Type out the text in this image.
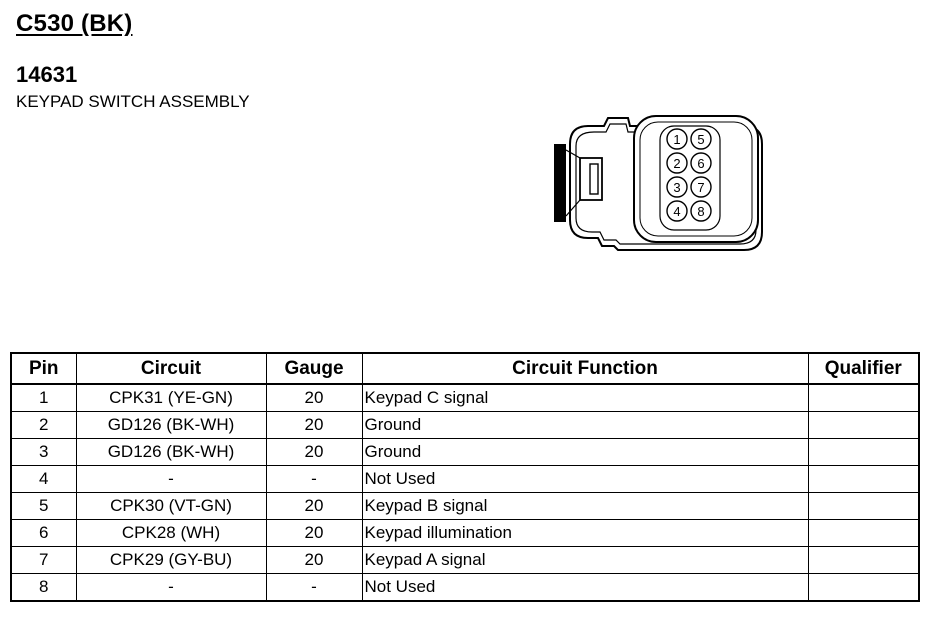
C530 (BK)
14631
KEYPAD SWITCH ASSEMBLY
1
2
3
4
5
6
7
8
Pin	Circuit	Gauge	Circuit Function	Qualifier
1	CPK31 (YE-GN)	20	Keypad C signal	
2	GD126 (BK-WH)	20	Ground	
3	GD126 (BK-WH)	20	Ground	
4	-	-	Not Used	
5	CPK30 (VT-GN)	20	Keypad B signal	
6	CPK28 (WH)	20	Keypad illumination	
7	CPK29 (GY-BU)	20	Keypad A signal	
8	-	-	Not Used	
